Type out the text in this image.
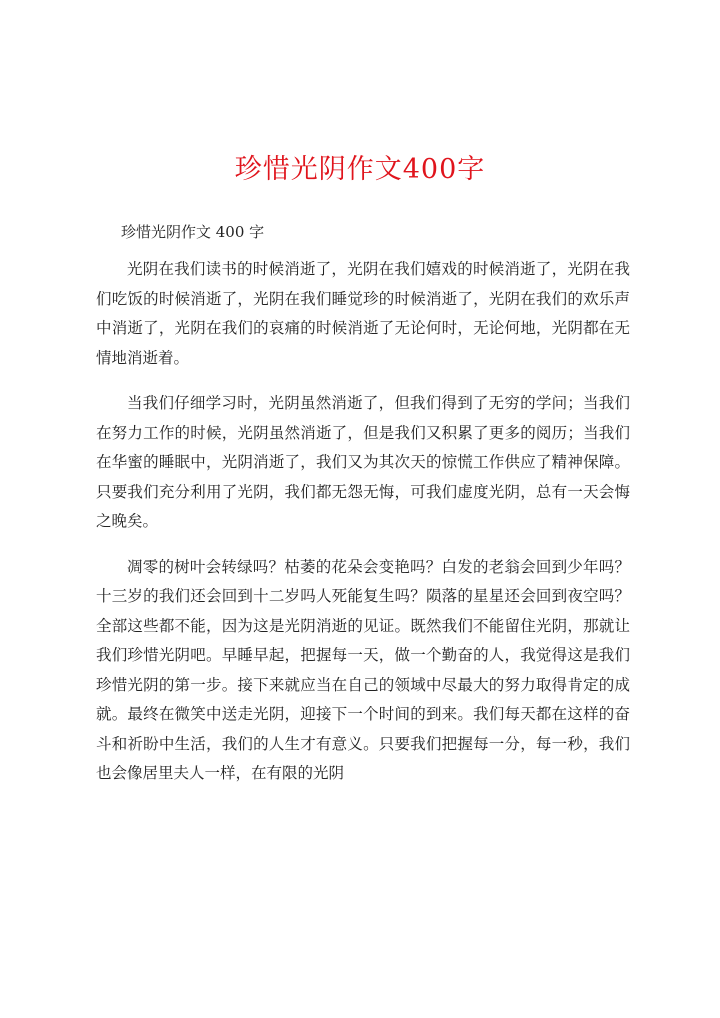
珍惜光阴作文400字

珍惜光阴作文 400 字

光阴在我们读书的时候消逝了，光阴在我们嬉戏的时候消逝了，光阴在我们吃饭的时候消逝了，光阴在我们睡觉珍的时候消逝了，光阴在我们的欢乐声中消逝了，光阴在我们的哀痛的时候消逝了无论何时，无论何地，光阴都在无情地消逝着。

当我们仔细学习时，光阴虽然消逝了，但我们得到了无穷的学问；当我们在努力工作的时候，光阴虽然消逝了，但是我们又积累了更多的阅历；当我们在华蜜的睡眠中，光阴消逝了，我们又为其次天的惊慌工作供应了精神保障。只要我们充分利用了光阴，我们都无怨无悔，可我们虚度光阴，总有一天会悔之晚矣。

凋零的树叶会转绿吗？枯萎的花朵会变艳吗？白发的老翁会回到少年吗？十三岁的我们还会回到十二岁吗人死能复生吗？陨落的星星还会回到夜空吗？全部这些都不能，因为这是光阴消逝的见证。既然我们不能留住光阴，那就让我们珍惜光阴吧。早睡早起，把握每一天，做一个勤奋的人，我觉得这是我们珍惜光阴的第一步。接下来就应当在自己的领域中尽最大的努力取得肯定的成就。最终在微笑中送走光阴，迎接下一个时间的到来。我们每天都在这样的奋斗和祈盼中生活，我们的人生才有意义。只要我们把握每一分，每一秒，我们也会像居里夫人一样，在有限的光阴
